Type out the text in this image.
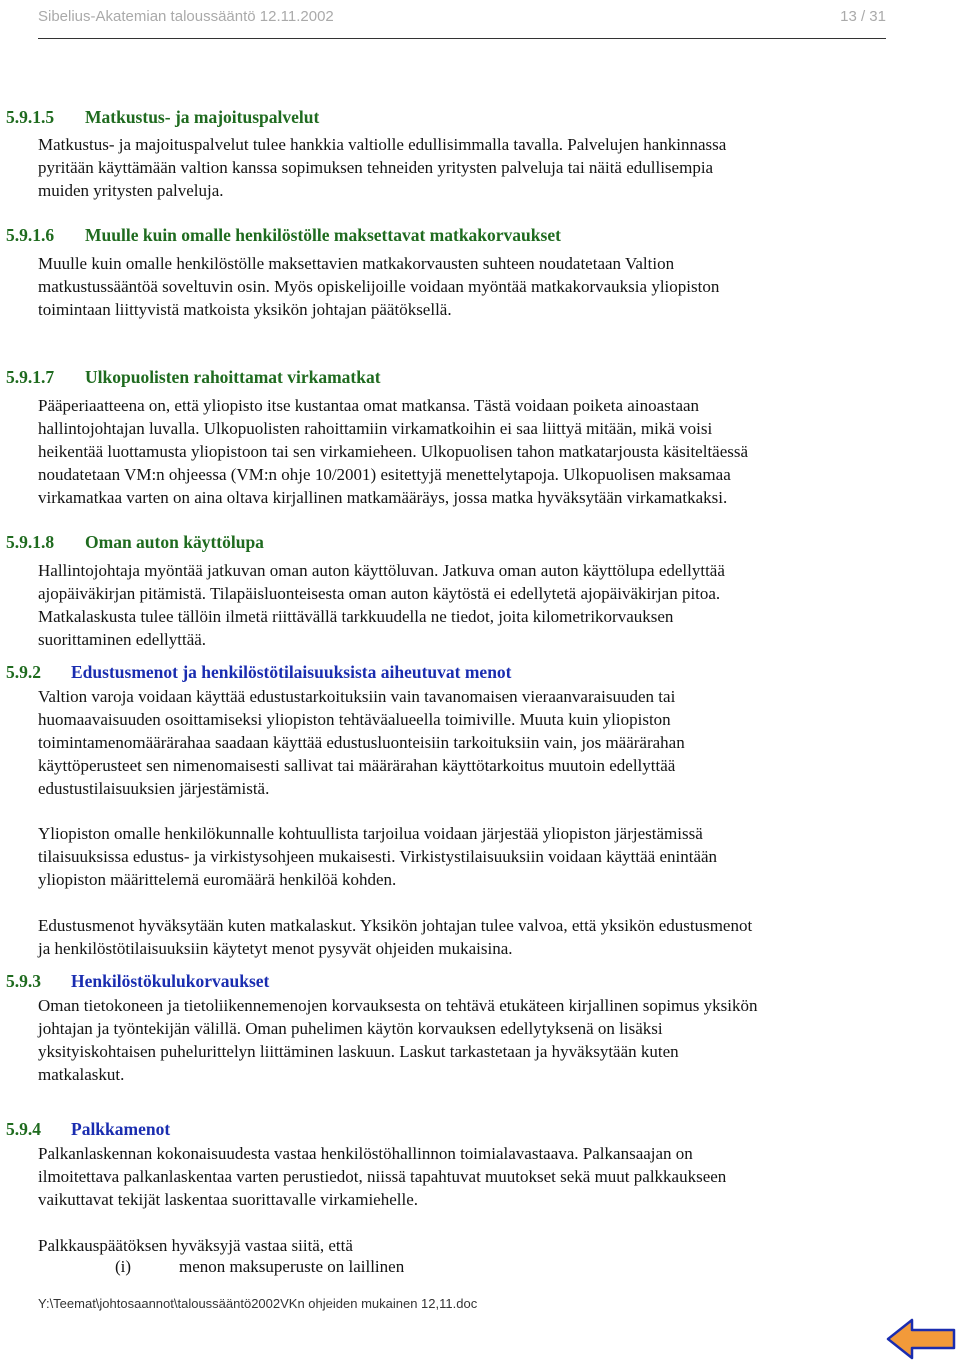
Sibelius-Akatemian taloussääntö 12.11.2002	13 / 31
5.9.1.5 Matkustus- ja majoituspalvelut
Matkustus- ja majoituspalvelut tulee hankkia valtiolle edullisimmalla tavalla. Palvelujen hankinnassa
pyritään käyttämään valtion kanssa sopimuksen tehneiden yritysten palveluja tai näitä edullisempia
muiden yritysten palveluja.
5.9.1.6 Muulle kuin omalle henkilöstölle maksettavat matkakorvaukset
Muulle kuin omalle henkilöstölle maksettavien matkakorvausten suhteen noudatetaan Valtion
matkustussääntöä soveltuvin osin. Myös opiskelijoille voidaan myöntää matkakorvauksia yliopiston
toimintaan liittyvistä matkoista yksikön johtajan päätöksellä.
5.9.1.7 Ulkopuolisten rahoittamat virkamatkat
Pääperiaatteena on, että yliopisto itse kustantaa omat matkansa. Tästä voidaan poiketa ainoastaan
hallintojohtajan luvalla. Ulkopuolisten rahoittamiin virkamatkoihin ei saa liittyä mitään, mikä voisi
heikentää luottamusta yliopistoon tai sen virkamieheen. Ulkopuolisen tahon matkatarjousta käsiteltäessä
noudatetaan VM:n ohjeessa (VM:n ohje 10/2001) esitettyjä menettelytapoja. Ulkopuolisen maksamaa
virkamatkaa varten on aina oltava kirjallinen matkamääräys, jossa matka hyväksytään virkamatkaksi.
5.9.1.8 Oman auton käyttölupa
Hallintojohtaja myöntää jatkuvan oman auton käyttöluvan. Jatkuva oman auton käyttölupa edellyttää
ajopäiväkirjan pitämistä. Tilapäisluonteisesta oman auton käytöstä ei edellytetä ajopäiväkirjan pitoa.
Matkalaskusta tulee tällöin ilmetä riittävällä tarkkuudella ne tiedot, joita kilometrikorvauksen
suorittaminen edellyttää.
5.9.2 Edustusmenot ja henkilöstötilaisuuksista aiheutuvat menot
Valtion varoja voidaan käyttää edustustarkoituksiin vain tavanomaisen vieraanvaraisuuden tai
huomaavaisuuden osoittamiseksi yliopiston tehtäväalueella toimiville. Muuta kuin yliopiston
toimintamenomäärärahaa saadaan käyttää edustusluonteisiin tarkoituksiin vain, jos määrärahan
käyttöperusteet sen nimenomaisesti sallivat tai määrärahan käyttötarkoitus muutoin edellyttää
edustustilaisuuksien järjestämistä.
Yliopiston omalle henkilökunnalle kohtuullista tarjoilua voidaan järjestää yliopiston järjestämissä
tilaisuuksissa edustus- ja virkistysohjeen mukaisesti. Virkistystilaisuuksiin voidaan käyttää enintään
yliopiston määrittelemä euromäärä henkilöä kohden.
Edustusmenot hyväksytään kuten matkalaskut. Yksikön johtajan tulee valvoa, että yksikön edustusmenot
ja henkilöstötilaisuuksiin käytetyt menot pysyvät ohjeiden mukaisina.
5.9.3 Henkilöstökulukorvaukset
Oman tietokoneen ja tietoliikennemenojen korvauksesta on tehtävä etukäteen kirjallinen sopimus yksikön
johtajan ja työntekijän välillä. Oman puhelimen käytön korvauksen edellytyksenä on lisäksi
yksityiskohtaisen puhelurittelyn liittäminen laskuun. Laskut tarkastetaan ja hyväksytään kuten
matkalaskut.
5.9.4 Palkkamenot
Palkanlaskennan kokonaisuudesta vastaa henkilöstöhallinnon toimialavastaava. Palkansaajan on
ilmoitettava palkanlaskentaa varten perustiedot, niissä tapahtuvat muutokset sekä muut palkkaukseen
vaikuttavat tekijät laskentaa suorittavalle virkamiehelle.
Palkkauspäätöksen hyväksyjä vastaa siitä, että
(i)	menon maksuperuste on laillinen
Y:\Teemat\johtosaannot\taloussääntö2002VKn ohjeiden mukainen 12,11.doc
